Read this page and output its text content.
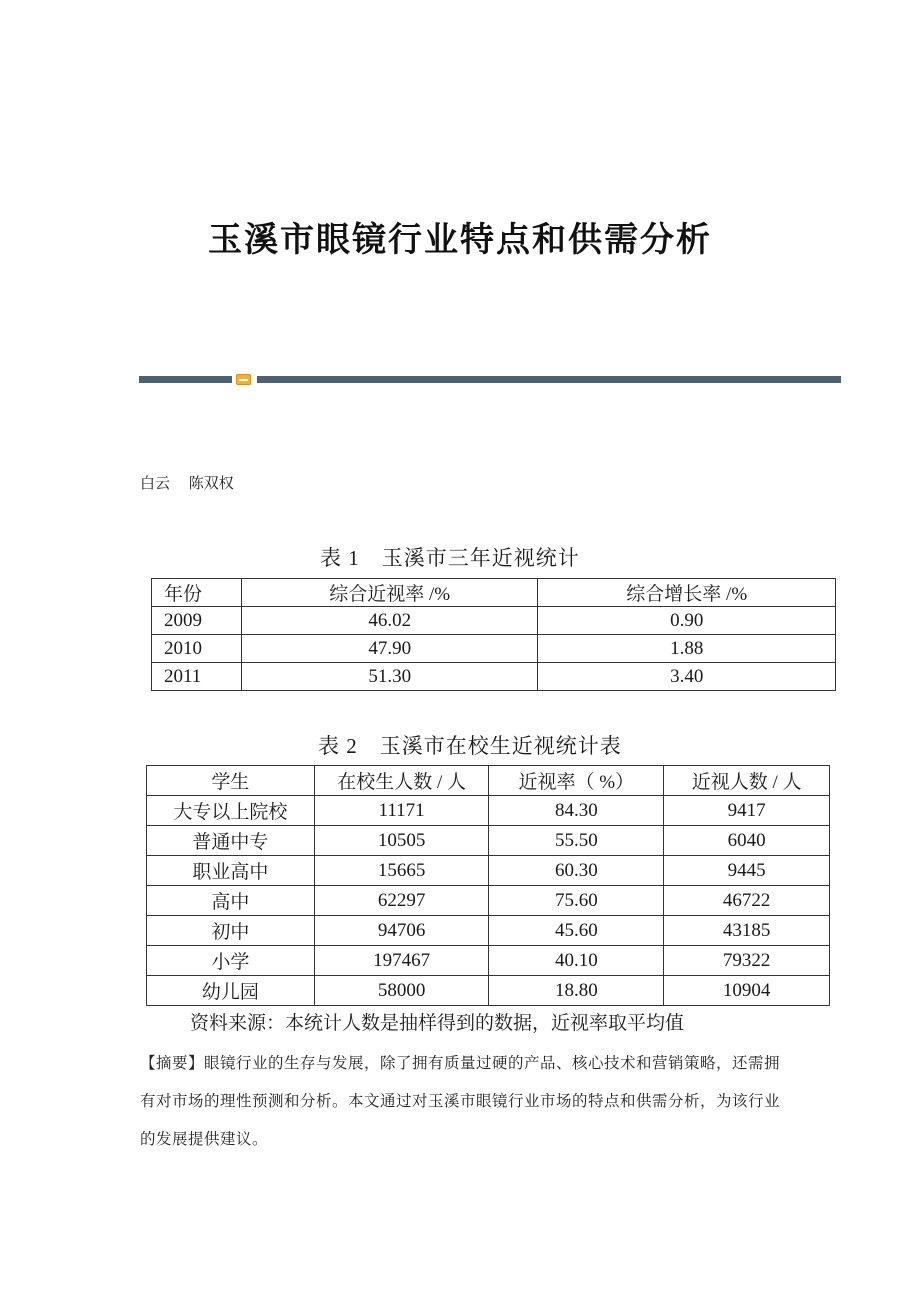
玉溪市眼镜行业特点和供需分析
白云 陈双权
表 1　玉溪市三年近视统计
年份	综合近视率 /%	综合增长率 /%
2009	46.02	0.90
2010	47.90	1.88
2011	51.30	3.40
表 2　玉溪市在校生近视统计表
学生	在校生人数 / 人	近视率（ %）	近视人数 / 人
大专以上院校	11171	84.30	9417
普通中专	10505	55.50	6040
职业高中	15665	60.30	9445
高中	62297	75.60	46722
初中	94706	45.60	43185
小学	197467	40.10	79322
幼儿园	58000	18.80	10904
资料来源：本统计人数是抽样得到的数据，近视率取平均值
【摘要】眼镜行业的生存与发展，除了拥有质量过硬的产品、核心技术和营销策略，还需拥有对市场的理性预测和分析。本文通过对玉溪市眼镜行业市场的特点和供需分析，为该行业的发展提供建议。
